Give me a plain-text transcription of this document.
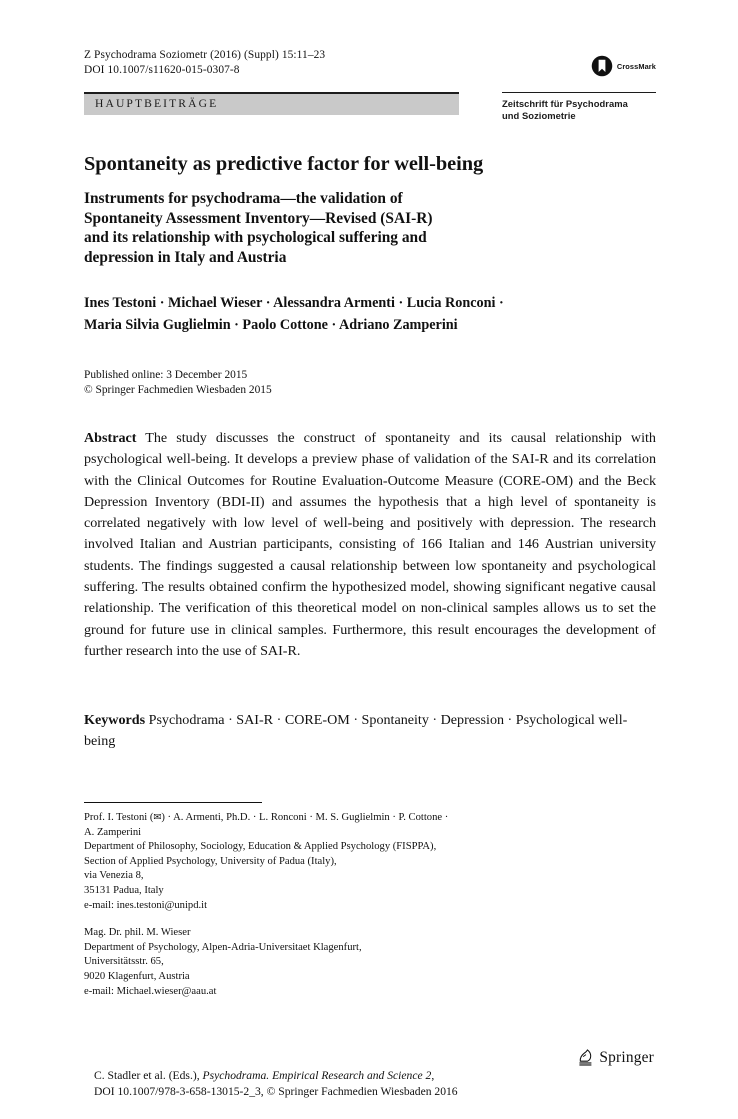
Z Psychodrama Soziometr (2016) (Suppl) 15:11–23
DOI 10.1007/s11620-015-0307-8	CrossMark
HAUPTBEITRÄGE	Zeitschrift für Psychodrama
und Soziometrie
Spontaneity as predictive factor for well-being
Instruments for psychodrama—the validation of
Spontaneity Assessment Inventory—Revised (SAI-R)
and its relationship with psychological suffering and
depression in Italy and Austria
Ines Testoni · Michael Wieser · Alessandra Armenti · Lucia Ronconi ·
Maria Silvia Guglielmin · Paolo Cottone · Adriano Zamperini
Published online: 3 December 2015
© Springer Fachmedien Wiesbaden 2015
Abstract The study discusses the construct of spontaneity and its causal relationship with psychological well-being. It develops a preview phase of validation of the SAI-R and its correlation with the Clinical Outcomes for Routine Evaluation-Outcome Measure (CORE-OM) and the Beck Depression Inventory (BDI-II) and assumes the hypothesis that a high level of spontaneity is correlated negatively with low level of well-being and positively with depression. The research involved Italian and Austrian participants, consisting of 166 Italian and 146 Austrian university students. The findings suggested a causal relationship between low spontaneity and psychological suffering. The results obtained confirm the hypothesized model, showing significant negative causal relationship. The verification of this theoretical model on non-clinical samples allows us to set the ground for future use in clinical samples. Furthermore, this result encourages the development of further research into the use of SAI-R.
Keywords Psychodrama · SAI-R · CORE-OM · Spontaneity · Depression · Psychological well-being
Prof. I. Testoni (✉) · A. Armenti, Ph.D. · L. Ronconi · M. S. Guglielmin · P. Cottone ·
A. Zamperini
Department of Philosophy, Sociology, Education & Applied Psychology (FISPPA),
Section of Applied Psychology, University of Padua (Italy),
via Venezia 8,
35131 Padua, Italy
e-mail: ines.testoni@unipd.it
Mag. Dr. phil. M. Wieser
Department of Psychology, Alpen-Adria-Universitaet Klagenfurt,
Universitätsstr. 65,
9020 Klagenfurt, Austria
e-mail: Michael.wieser@aau.at
Springer
C. Stadler et al. (Eds.), Psychodrama. Empirical Research and Science 2,
DOI 10.1007/978-3-658-13015-2_3, © Springer Fachmedien Wiesbaden 2016
